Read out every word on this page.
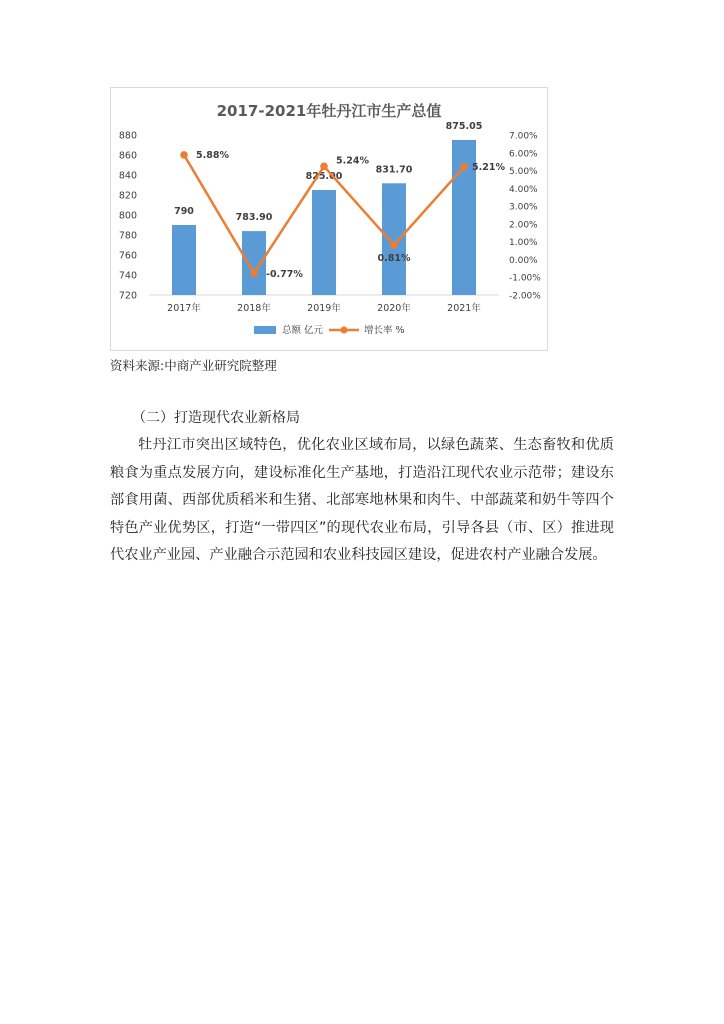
2017-2021年牡丹江市生产总值
880
860
840
820
800
780
760
740
720
7.00%
6.00%
5.00%
4.00%
3.00%
2.00%
1.00%
0.00%
-1.00%
-2.00%
790
783.90
825.00
831.70
875.05
2017年	2018年	2019年	2020年	2021年
5.88%
-0.77%
5.24%
0.81%
5.21%
总额 亿元	增长率 %
资料来源:中商产业研究院整理
（二）打造现代农业新格局

牡丹江市突出区域特色，优化农业区域布局，以绿色蔬菜、生态畜牧和优质粮食为重点发展方向，建设标准化生产基地，打造沿江现代农业示范带；建设东部食用菌、西部优质稻米和生猪、北部寒地林果和肉牛、中部蔬菜和奶牛等四个特色产业优势区，打造“一带四区”的现代农业布局，引导各县（市、区）推进现代农业产业园、产业融合示范园和农业科技园区建设，促进农村产业融合发展。
